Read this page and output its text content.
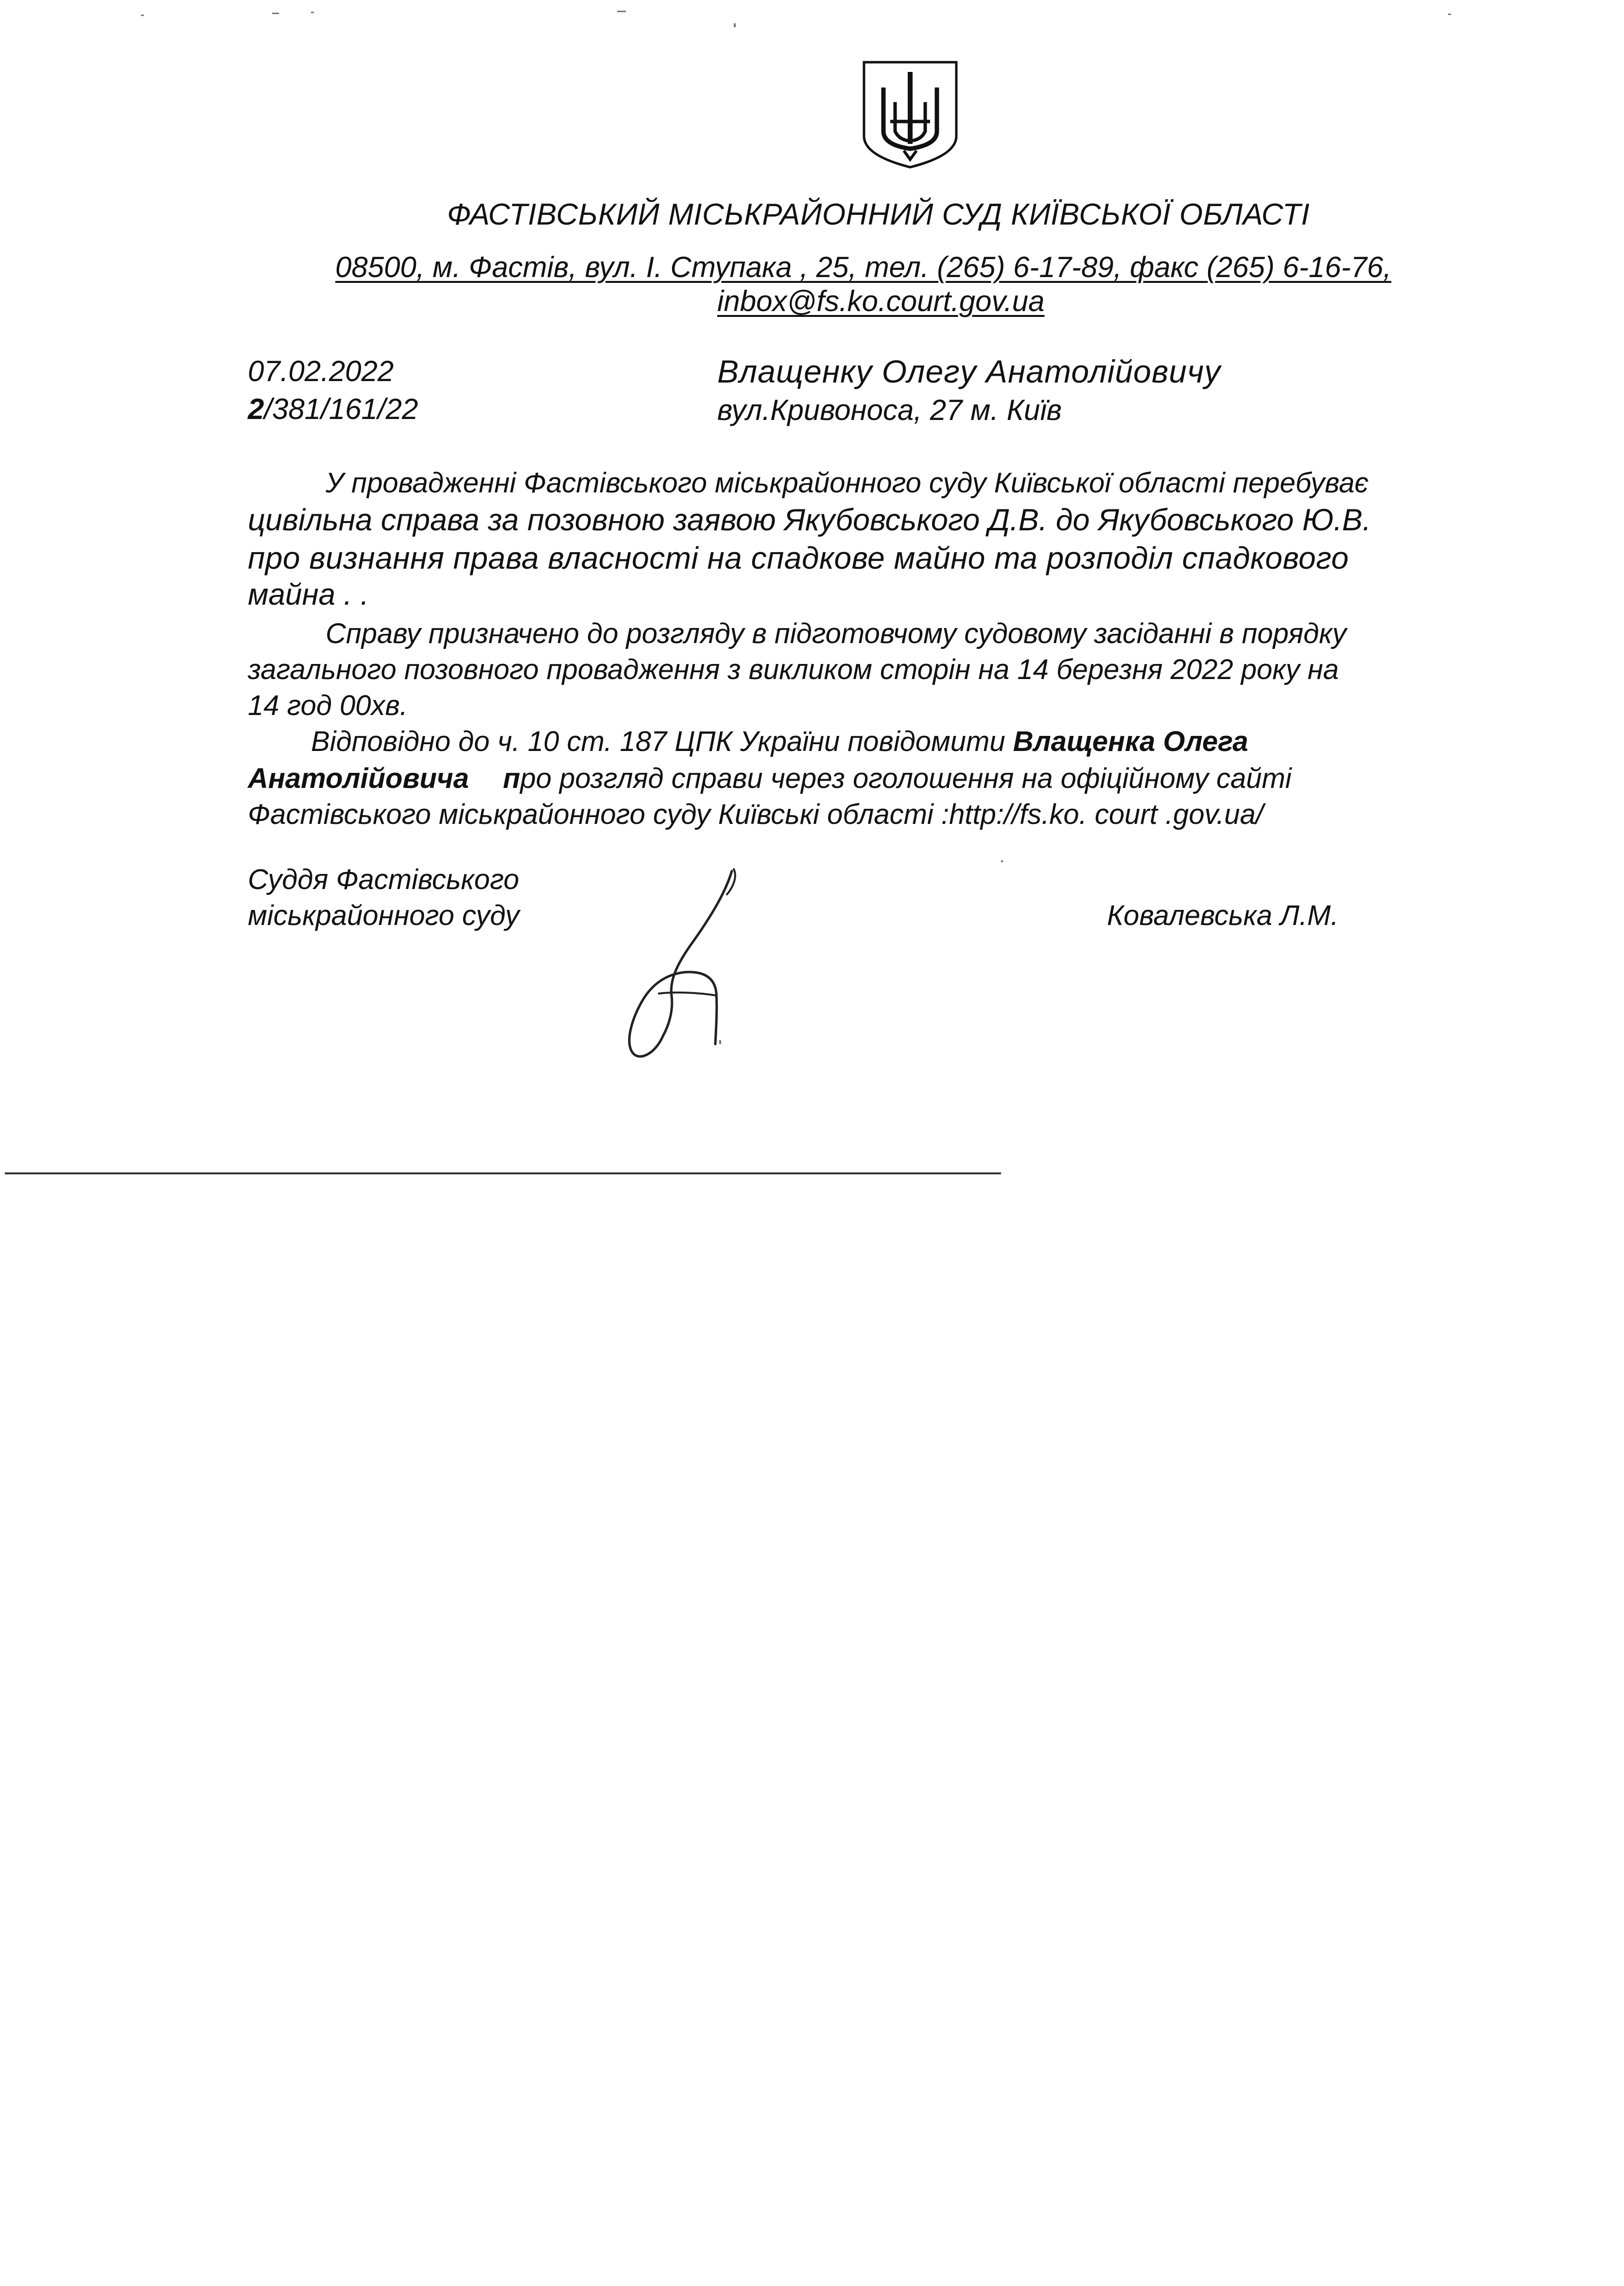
ФАСТІВСЬКИЙ МІСЬКРАЙОННИЙ СУД КИЇВСЬКОЇ ОБЛАСТІ
08500, м. Фастів, вул. І. Ступака , 25, тел. (265) 6-17-89, факс (265) 6-16-76,
inbox@fs.ko.court.gov.ua
07.02.2022
2/381/161/22
Влащенку Олегу Анатолійовичу
вул.Кривоноса, 27 м. Київ
У провадженні Фастівського міськрайонного суду Київської області перебуває
цивільна справа за позовною заявою Якубовського Д.В. до Якубовського Ю.В.
про визнання права власності на спадкове майно та розподіл спадкового
майна . .
Справу призначено до розгляду в підготовчому судовому засіданні в порядку
загального позовного провадження з викликом сторін на 14 березня 2022 року на
14 год 00хв.
Відповідно до ч. 10 ст. 187 ЦПК України повідомити Влащенка Олега
Анатолійовича про розгляд справи через оголошення на офіційному сайті
Фастівського міськрайонного суду Київські області :http://fs.ko. court .gov.ua/
Суддя Фастівського
міськрайонного суду	Ковалевська Л.М.
